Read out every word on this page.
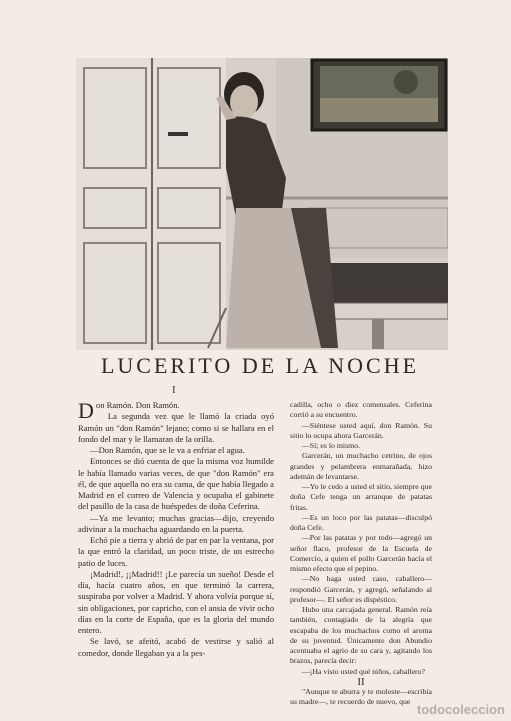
LUCERITO DE LA NOCHE
I

Don Ramón. Don Ramón.

La segunda vez que le llamó la criada oyó Ramón un "don Ramón" lejano; como si se hallara en el fondo del mar y le llamaran de la orilla.

—Don Ramón, que se le va a enfriar el agua.

Entonces se dió cuenta de que la misma voz humilde le había llamado varias veces, de que "don Ramón" era él, de que aquella no era su cama, de que había llegado a Madrid en el correo de Valencia y ocupaba el gabinete del pasillo de la casa de huéspedes de doña Ceferina.

—Ya me levanto; muchas gracias—dijo, creyendo adivinar a la muchacha aguardando en la puerta.

Echó pie a tierra y abrió de par en par la ventana, por la que entró la claridad, un poco triste, de un estrecho patio de luces.

¡Madrid!, ¡¡Madrid!! ¡Le parecía un sueño! Desde el día, hacía cuatro años, en que terminó la carrera, suspiraba por volver a Madrid. Y ahora volvía porque sí, sin obligaciones, por capricho, con el ansia de vivir ocho días en la corte de España, que es la gloria del mundo entero.

Se lavó, se afeitó, acabó de vestirse y salió al comedor, donde llegaban ya a la pes-

cadilla, ocho o diez comensales. Ceferina corrió a su encuentro.

—Siéntese usted aquí, don Ramón. Su sitio lo ocupa ahora Garcerán.

—Sí; es lo mismo.

Garcerán, un muchacho cetrino, de ojos grandes y pelambrera enmarañada, hizo ademán de levantarse.

—Yo le cedo a usted el sitio, siempre que doña Cefe tenga un arranque de patatas fritas.

—Es un loco por las patatas—disculpó doña Cefe.

—Por las patatas y por todo—agregó un señor flaco, profesor de la Escuela de Comercio, a quien el pollo Garcerán hacía el mismo efecto que el pepino.

—No haga usted caso, caballero—respondió Garcerán, y agregó, señalando al profesor—. El señor es dispéstico.

Hubo una carcajada general. Ramón reía también, contagiado de la alegría que escapaba de los muchachos como el aroma de su juventud. Únicamente don Abundio acentuaba el agrio de su cara y, agitando los brazos, parecía decir:

—¡Ha visto usted qué niños, caballero?

II

"Aunque te aburra y te moleste—escribía su madre—, te recuerdo de nuevo, que

todocoleccion
